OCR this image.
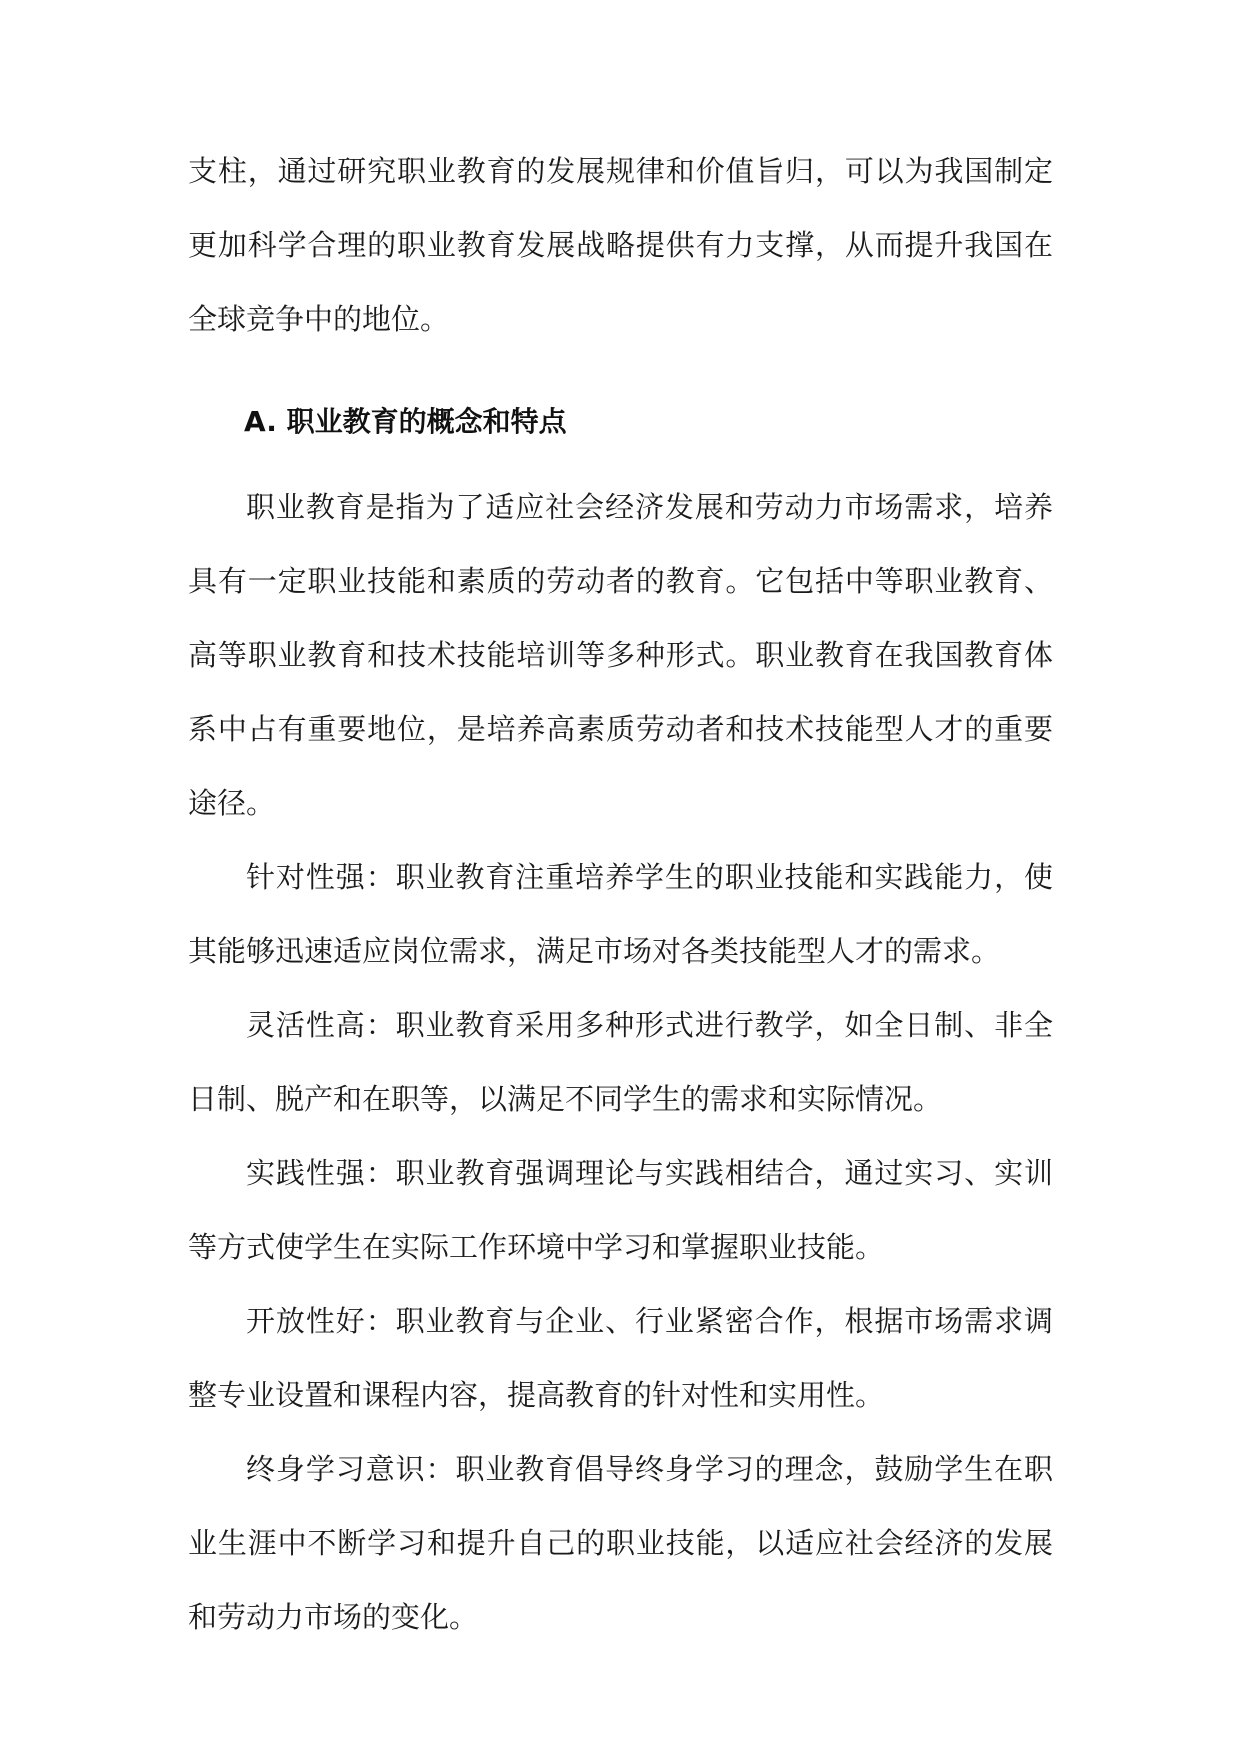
支柱，通过研究职业教育的发展规律和价值旨归，可以为我国制定更加科学合理的职业教育发展战略提供有力支撑，从而提升我国在全球竞争中的地位。

A. 职业教育的概念和特点

职业教育是指为了适应社会经济发展和劳动力市场需求，培养具有一定职业技能和素质的劳动者的教育。它包括中等职业教育、高等职业教育和技术技能培训等多种形式。职业教育在我国教育体系中占有重要地位，是培养高素质劳动者和技术技能型人才的重要途径。

针对性强：职业教育注重培养学生的职业技能和实践能力，使其能够迅速适应岗位需求，满足市场对各类技能型人才的需求。

灵活性高：职业教育采用多种形式进行教学，如全日制、非全日制、脱产和在职等，以满足不同学生的需求和实际情况。

实践性强：职业教育强调理论与实践相结合，通过实习、实训等方式使学生在实际工作环境中学习和掌握职业技能。

开放性好：职业教育与企业、行业紧密合作，根据市场需求调整专业设置和课程内容，提高教育的针对性和实用性。

终身学习意识：职业教育倡导终身学习的理念，鼓励学生在职业生涯中不断学习和提升自己的职业技能，以适应社会经济的发展和劳动力市场的变化。
